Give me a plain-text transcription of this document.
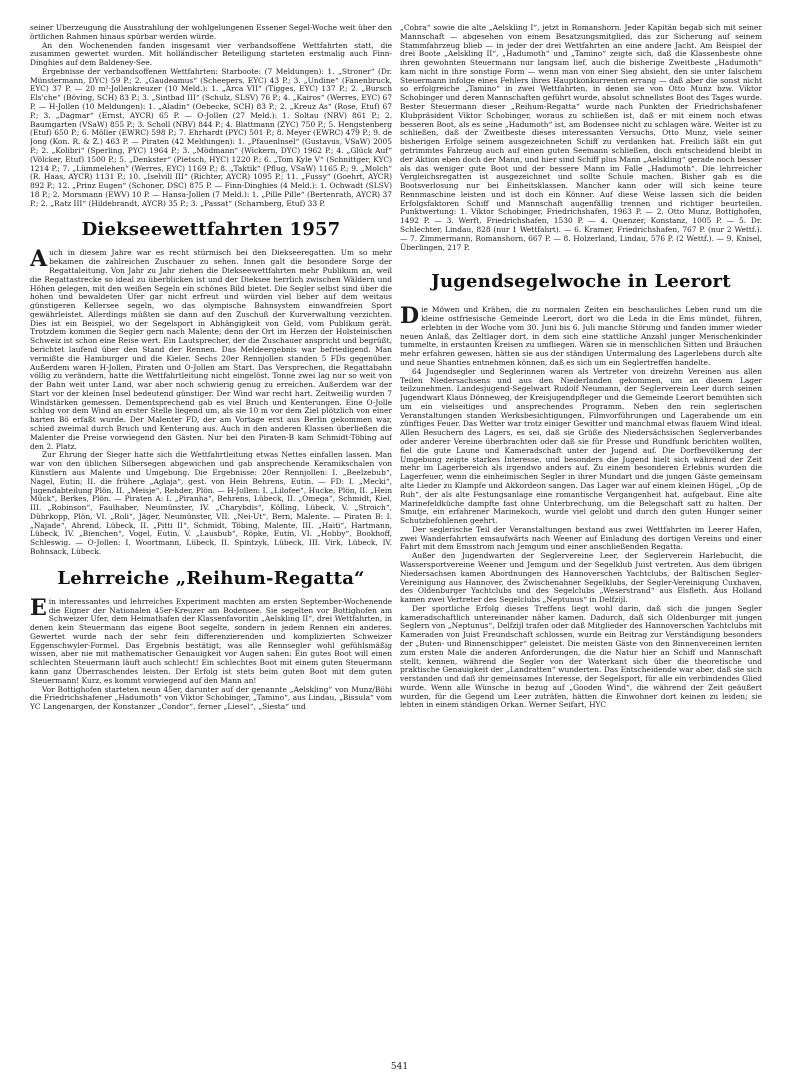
seiner Überzeugung die Ausstrahlung der wohlgelungenen Essener Segel-Woche weit über den örtlichen Rahmen hinaus spürbar werden würde.

An den Wochenenden fanden insgesamt vier verbandsoffene Wettfahrten statt, die zusammen gewertet wurden. Mit holländischer Beteiligung starteten erstmalig auch Finn-Dinghies auf dem Baldeney-See.

Ergebnisse der verbandsoffenen Wettfahrten: Starboote: (7 Meldungen): 1. „Stroner“ (Dr. Münstermann, DYC) 59 P.; 2. „Gaudeamus“ (Scheepers, EYC) 43 P.; 3. „Undine“ (Fanenbruck, EYC) 37 P. — 20 m²-Jollenkreuzer (10 Meld.): 1. „Arca VII“ (Tigges, EYC) 137 P.; 2. „Bursch Els'che“ (Böving, SCH) 83 P.; 3. „Sintbad III“ (Schulz, SLSV) 76 P.; 4. „Kairos“ (Werres, EYC) 67 P. — H-Jollen (10 Meldungen): 1. „Aladin“ (Oebecke, SCH) 83 P.; 2. „Kreuz As“ (Rose, Etuf) 67 P.; 3. „Dagmar“ (Ernst, AYCR) 65 P. — O-Jollen (27 Meld.): 1. Soltau (NRV) 861 P.; 2. Baumgarten (VSaW) 855 P.; 3. Scholl (NRV) 844 P.; 4. Blattmann (ZYC) 750 P.; 5. Hengstenberg (Etuf) 650 P.; 6. Möller (EWRC) 598 P.; 7. Ehrhardt (PYC) 501 P.; 8. Meyer (EWRC) 479 P.; 9. de Jong (Kon. R. & Z.) 463 P. — Piraten (42 Meldungen): 1. „Pfauenlnsel“ (Gustavus, VSaW) 2005 P.; 2. „Kolibri“ (Sperling, PYC) 1964 P.; 3. „Mödmann“ (Wickern, DYC) 1962 P.; 4. „Glück Auf“ (Völcker, Etuf) 1500 P.; 5. „Denkster“ (Pietsch, HYC) 1220 P.; 6. „Tom Kyle V“ (Schnittger, KYC) 1214 P.; 7. „Lümmelehen“ (Werres, EYC) 1169 P.; 8. „Taktik“ (Pflug, VSaW) 1165 P.; 9. „Molch“ (R. Haas, AYCR) 1131 P.; 10. „Iselvill III“ (Richter, AYCR) 1095 P.; 11. „Fussy“ (Goehrt, AYCR) 892 P.; 12. „Prinz Eugen“ (Schoner, DSC) 875 P. — Finn-Dinghies (4 Meld.): 1. Ochwadt (SLSV) 18 P.; 2. Morsmann (EWV) 10 P. — Hansa-Jollen (7 Meld.): 1. „Pille Pille“ (Bertenrath, AYCR) 37 P.; 2. „Ratz III“ (Hildebrandt, AYCR) 35 P.; 3. „Passat“ (Scharnberg, Etuf) 33 P.

Diekseewettfahrten 1957

Auch in diesem Jahre war es recht stürmisch bei den Diekseeregatten. Um so mehr bekamen die zahlreichen Zuschauer zu sehen. Innen galt die besondere Sorge der Regattaleitung. Von Jahr zu Jahr ziehen die Diekseewettfahrten mehr Publikum an, weil die Regattastrecke so ideal zu überblicken ist und der Dieksee herrlich zwischen Wäldern und Höhen gelegen, mit den weißen Segeln ein schönes Bild bietet. Die Segler selbst sind über die hohen und bewaldeten Ufer gar nicht erfreut und würden viel lieber auf dem weitaus günstigeren Kellersee segeln, wo das olympische Bahnsystem einwandfreien Sport gewährleistet. Allerdings müßten sie dann auf den Zuschuß der Kurverwaltung verzichten. Dies ist ein Beispiel, wo der Segelsport in Abhängigkeit von Geld, vom Publikum gerät. Trotzdem kommen die Segler gern nach Malente; denn der Ort im Herzen der Holsteinischen Schweiz ist schon eine Reise wert. Ein Lautsprecher, der die Zuschauer anspricht und begrüßt, berichtet laufend über den Stand der Rennen. Das Meldeergebnis war befriedigend. Man vermißte die Hamburger und die Kieler. Sechs 20er Rennjollen standen 5 FDs gegenüber. Außerdem waren H-Jollen, Piraten und O-Jollen am Start. Das Versprechen, die Regattabahn völlig zu verändern, hatte die Wettfahrtleitung nicht eingelöst. Tonne zwei lag nur so weit von der Bahn weit unter Land, war aber noch schwierig genug zu erreichen. Außerdem war der Start vor der kleinen Insel bedeutend günstiger. Der Wind war recht hart. Zeitweilig wurden 7 Windstärken gemessen. Dementsprechend gab es viel Bruch und Kenterungen. Eine O-Jolle schlug vor dem Wind an erster Stelle liegend um, als sie 10 m vor dem Ziel plötzlich von einer harten Bö erfaßt wurde. Der Malenter FD, der am Vortage erst aus Berlin gekommen war, schied zweimal durch Bruch und Kenterung aus. Auch in den anderen Klassen überließen die Malenter die Preise vorwiegend den Gästen. Nur bei den Piraten-B kam Schmidt-Töbing auf den 2. Platz.

Zur Ehrung der Sieger hatte sich die Wettfahrtleitung etwas Nettes einfallen lassen. Man war von den üblichen Silbersegen abgewichen und gab ansprechende Keramikschalen von Künstlern aus Malente und Umgebung. Die Ergebnisse: 20er Rennjollen: I. „Beelzebub“, Nagel, Eutin; II. die frühere „Aglaja“, gest. von Hein Behrens, Eutin. — FD: I. „Mecki“, Jugendabteilung Plön, II. „Meisje“, Rehder, Plön. — H-Jollen: I. „Lilofee“, Hucke, Plön, II. „Hein Mück“, Berkes, Plön. — Piraten A: I. „Piranha“, Behrens, Lübeck, II. „Omega“, Schmidt, Kiel, III. „Robinson“, Faulhaber, Neumünster, IV. „Charybdis“, Kölling, Lübeck, V. „Stroich“, Dührkopp, Plön, VI. „Roli“, Jäger, Neumünster, VII. „Nei-Ut“, Bern, Malente. — Piraten B: I. „Najade“, Ahrend, Lübeck, II. „Pitti II“, Schmidt, Töbing, Malente, III. „Haiti“, Hartmann, Lübeck, IV. „Bienchen“, Vogel, Eutin, V. „Lausbub“, Röpke, Eutin, VI. „Hobby“, Bookhoff, Schleswig. — O-Jollen: I. Woortmann, Lübeck, II. Spintzyk, Lübeck, III. Virk, Lübeck, IV. Bohnsack, Lübeck.

Lehrreiche „Reihum-Regatta“

Ein interessantes und lehrreiches Experiment machten am ersten September-Wochenende die Eigner der Nationalen 45er-Kreuzer am Bodensee. Sie segelten vor Bottighofen am Schweizer Ufer, dem Heimathafen der Klassenfavoritin „Aelskling II“, drei Wettfahrten, in denen kein Steuermann das eigene Boot segelte, sondern in jedem Rennen ein anderes. Gewertet wurde nach der sehr fein differenzierenden und komplizierten Schweizer Eggenschwyler-Formel. Das Ergebnis bestätigt, was alle Rennsegler wohl gefühlsmäßig wissen, aber nie mit mathematischer Genauigkeit vor Augen sahen: Ein gutes Boot will einen schlechten Steuermann läuft auch schlecht! Ein schlechtes Boot mit einem guten Steuermann kann ganz Überraschendes leisten. Der Erfolg ist stets beim guten Boot mit dem guten Steuermann! Kurz, es kommt vorwiegend auf den Mann an!

Vor Bottighofen starteten neun 45er, darunter auf der genannte „Aelskling“ von Munz/Böhi die Friedrichshafener „Hadumoth“ von Viktor Schobinger, „Tamino“, aus Lindau, „Bissula“ vom YC Langenargen, der Konstanzer „Condor“, ferner „Liesel“, „Siesta“ und

„Cobra“ sowie die alte „Aelskling I“, jetzt in Romanshorn. Jeder Kapitän begab sich mit seiner Mannschaft — abgesehen von einem Besatzungsmitglied, das zur Sicherung auf seinem Stammfahrzeug blieb — in jeder der drei Wettfahrten an eine andere Jacht. Am Beispiel der drei Boote „Aelskling II“, „Hadumoth“ und „Tamino“ zeigte sich, daß die Klassenbeste ohne ihren gewohnten Steuermann nur langsam lief, auch die bisherige Zweitbeste „Hadumoth“ kam nicht in ihre sonstige Form — wenn man von einer Sieg absieht, den sie unter falschem Steuermann infolge eines Fehlers ihres Hauptkonkurrenten errang — daß aber die sonst nicht so erfolgreiche „Tamino“ in zwei Wettfahrten, in denen sie von Otto Munz bzw. Viktor Schobinger und deren Mannschaften geführt wurde, absolut schnellstes Boot des Tages wurde. Bester Steuermann dieser „Reihum-Regatta“ wurde nach Punkten der Friedrichshafener Klubpräsident Viktor Schobinger, woraus zu schließen ist, daß er mit einem noch etwas besseren Boot, als es seine „Hadumoth“ ist, am Bodensee nicht zu schlagen wäre. Weiter ist zu schließen, daß der Zweitbeste dieses interessanten Versuchs, Otto Munz, viele seiner bisherigen Erfolge seinem ausgezeichneten Schiff zu verdanken hat. Freilich läßt ein gut getrimmtes Fahrzeug auch auf einen guten Seemann schließen, doch entscheidend bleibt in der Aktion eben doch der Mann, und hier sind Schiff plus Mann „Aelskling“ gerade noch besser als das weniger gute Boot und der bessere Mann im Falle „Hadumoth“. Die lehrreicher Vergleichsregatten ist ausgezeichnet und sollte Schule machen. Bisher gab es die Bootsverlosung nur bei Einheitsklassen. Mancher kann oder will sich keine teure Rennmaschine leisten und ist doch ein Könner. Auf diese Weise lassen sich die beiden Erfolgsfaktoren Schiff und Mannschaft augenfällig trennen und richtiger beurteilen. Punktwertung: 1. Viktor Schobinger, Friedrichshafen, 1963 P. — 2. Otto Munz, Bottighofen, 1492 P. — 3. Werft, Friedrichshafen, 1530 P. — 4. Quenzer, Konstanz, 1005 P. — 5. Dr. Schlechter, Lindau, 828 (nur 1 Wettfahrt). — 6. Kramer, Friedrichshafen, 767 P. (nur 2 Wettf.). — 7. Zimmermann, Romanshorn, 667 P. — 8. Holzerland, Lindau, 576 P. (2 Wettf.). — 9. Knisel, Überlingen, 217 P.

Jugendsegelwoche in Leerort

Die Möwen und Krähen, die zu normalen Zeiten ein beschauliches Leben rund um die kleine ostfriesische Gemeinde Leerort, dort wo die Leda in die Ems mündet, führen, erlebten in der Woche vom 30. Juni bis 6. Juli manche Störung und fanden immer wieder neuen Anlaß, das Zeltlager dort, in dem sich eine stattliche Anzahl junger Menschenkinder tummelte, in erstaunten Kreisen zu umfliegen. Wären sie in menschlichen Sitten und Bräuchen mehr erfahren gewesen, hätten sie aus der ständigen Untermalung des Lagerlebens durch alte und neue Shanties entnehmen können, daß es sich um ein Seglertreffen handelte.

64 Jugendsegler und Seglerinnen waren als Vertreter von dreizehn Vereinen aus allen Teilen Niedersachsens und aus den Niederlanden gekommen, um an diesem Lager teilzunehmen. Landesjugend-Segelwart Rudolf Neumann, der Seglerverein Leer durch seinen Jugendwart Klaus Dönneweg, der Kreisjugendpfleger und die Gemeinde Leerort bemühten sich um ein vielseitiges und ansprechendes Programm. Neben den rein seglerischen Veranstaltungen standen Werksbesichtigungen, Filmvorführungen und Lagerabende um ein zünftiges Feuer. Das Wetter war trotz einiger Gewitter und manchmal etwas flauem Wind ideal. Allen Besuchern des Lagers, es sei, daß sie Grüße des Niedersächsischen Seglerverbandes oder anderer Vereine überbrachten oder daß sie für Presse und Rundfunk berichten wollten, fiel die gute Laune und Kameradschaft unter der Jugend auf. Die Dorfbevölkerung der Umgebung zeigte starkes Interesse, und besonders die Jugend hielt sich während der Zeit mehr im Lagerbereich als irgendwo anders auf. Zu einem besonderen Erlebnis wurden die Lagerfeuer, wenn die einheimischen Segler in ihrer Mundart und die jungen Gäste gemeinsam alte Lieder zu Klampfe und Akkordeon sangen. Das Lager war auf einem kleinen Hügel, „Op de Ruh“, der als alte Festungsanlage eine romantische Vergangenheit hat, aufgebaut. Eine alte Marinefeldküche dampfte fast ohne Unterbrechung, um die Belegschaft satt zu halten. Der Smutje, ein erfahrener Marinekoch, wurde viel gelobt und durch den guten Hunger seiner Schutzbefohlenen geehrt.

Der seglerische Teil der Veranstaltungen bestand aus zwei Wettfahrten im Leerer Hafen, zwei Wanderfahrten emsaufwärts nach Weener auf Einladung des dortigen Vereins und einer Fahrt mit dem Emsstrom nach Jemgum und einer anschließenden Regatta.

Außer den Jugendwarten der Seglervereine Leer, der Seglerverein Harlebucht, die Wassersportvereine Weener und Jemgum und der Segelklub Juist vertreten. Aus dem übrigen Niedersachsen kamen Abordnungen des Hannoverschen Yachtclubs, der Baltischen Segler-Vereinigung aus Hannover, des Zwischenahner Segelklubs, der Segler-Vereinigung Cuxhaven, des Oldenburger Yachtclubs und des Segelclubs „Weserstrand“ aus Elsfleth. Aus Holland kamen zwei Vertreter des Segelclubs „Neptunus“ in Delfzijl.

Der sportliche Erfolg dieses Treffens liegt wohl darin, daß sich die jungen Segler kameradschaftlich untereinander näher kamen. Dadurch, daß sich Oldenburger mit jungen Seglern von „Neptunus“, Delfzijl trafen oder daß Mitglieder des Hannoverschen Yachtclubs mit Kameraden von Juist Freundschaft schlossen, wurde ein Beitrag zur Verständigung besonders der „Buten- und Binnenschipper“ geleistet. Die meisten Gäste von den Binnenvereinen lernten zum ersten Male die anderen Anforderungen, die die Natur hier an Schiff und Mannschaft stellt, kennen, während die Segler von der Waterkant sich über die theoretische und praktische Genauigkeit der „Landratten“ wunderten. Das Entscheidende war aber, daß sie sich verstanden und daß ihr gemeinsames Interesse, der Segelsport, für alle ein verbindendes Glied wurde. Wenn alle Wünsche in bezug auf „Gooden Wind“, die während der Zeit geäußert wurden, für die Gegend um Leer zuträfen, hätten die Einwohner dort keinen zu leiden; sie lebten in einem ständigen Orkan. Werner Seifart, HYC

541
